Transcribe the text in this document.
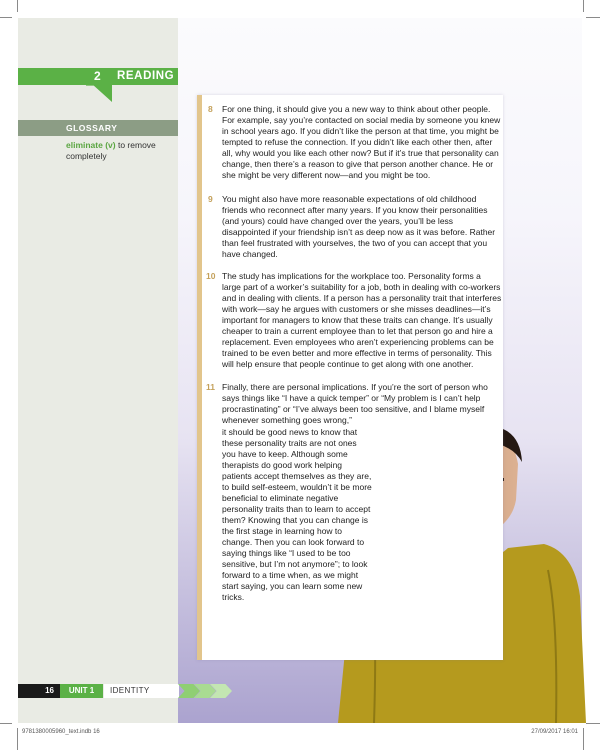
2 READING
GLOSSARY
eliminate (v) to remove completely
8	For one thing, it should give you a new way to think about other people. For example, say you’re contacted on social media by someone you knew in school years ago. If you didn’t like the person at that time, you might be tempted to refuse the connection. If you didn’t like each other then, after all, why would you like each other now? But if it’s true that personality can change, then there’s a reason to give that person another chance. He or she might be very different now—and you might be too.
9	You might also have more reasonable expectations of old childhood friends who reconnect after many years. If you know their personalities (and yours) could have changed over the years, you’ll be less disappointed if your friendship isn’t as deep now as it was before. Rather than feel frustrated with yourselves, the two of you can accept that you have changed.
10 The study has implications for the workplace too. Personality forms a large part of a worker’s suitability for a job, both in dealing with co-workers and in dealing with clients. If a person has a personality trait that interferes with work—say he argues with customers or she misses deadlines—it’s important for managers to know that these traits can change. It’s usually cheaper to train a current employee than to let that person go and hire a replacement. Even employees who aren’t experiencing problems can be trained to be even better and more effective in terms of personality. This will help ensure that people continue to get along with one another.
11 Finally, there are personal implications. If you’re the sort of person who says things like “I have a quick temper” or “My problem is I can’t help procrastinating” or “I’ve always been too sensitive, and I blame myself whenever something goes wrong,”
it should be good news to know that these personality traits are not ones you have to keep. Although some therapists do good work helping patients accept themselves as they are, to build self-esteem, wouldn’t it be more beneficial to eliminate negative personality traits than to learn to accept them? Knowing that you can change is the first stage in learning how to change. Then you can look forward to saying things like “I used to be too sensitive, but I’m not anymore”; to look forward to a time when, as we might start saying, you can learn some new tricks.
16	UNIT 1	IDENTITY
9781380005960_text.indb 16	27/09/2017 16:01
